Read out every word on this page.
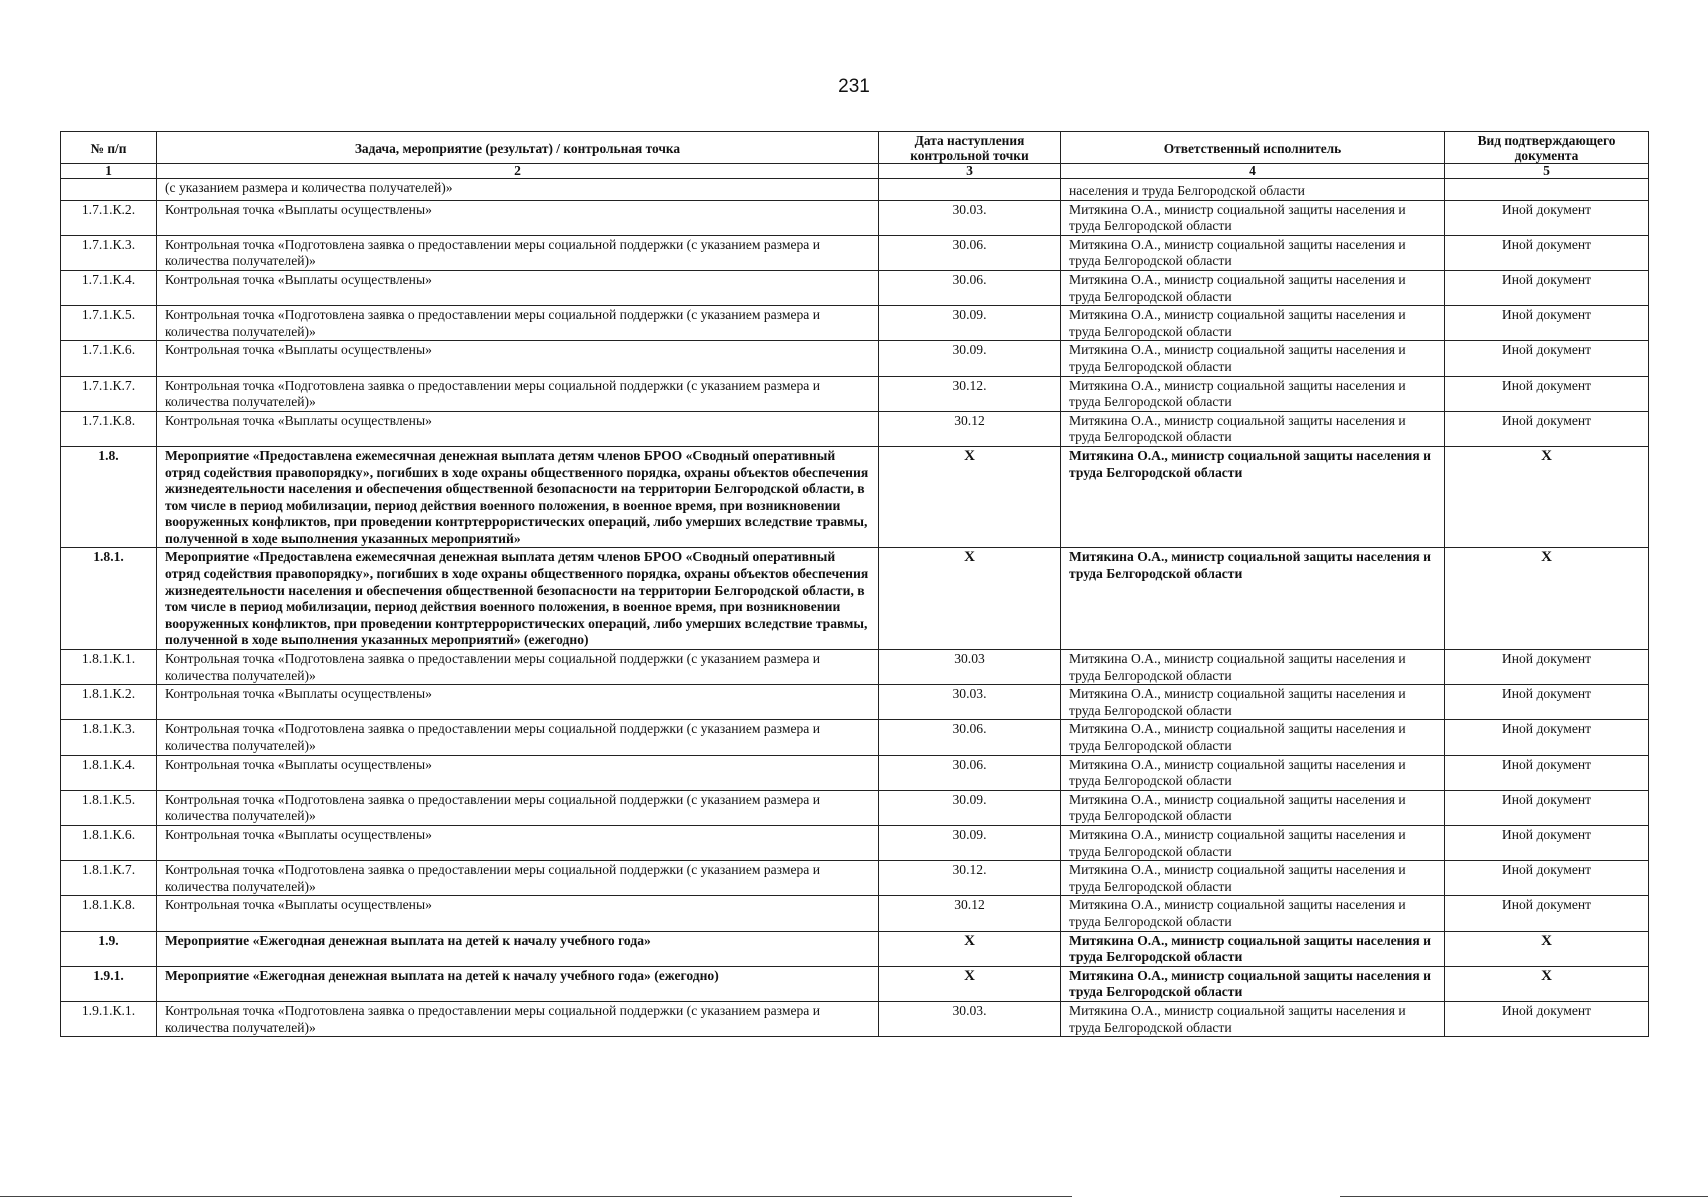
231
№ п/п	Задача, мероприятие (результат) / контрольная точка	Дата наступления контрольной точки	Ответственный исполнитель	Вид подтверждающего документа
1	2	3	4	5
	(с указанием размера и количества получателей)»		населения и труда Белгородской области	
1.7.1.К.2.	Контрольная точка «Выплаты осуществлены»	30.03.	Митякина О.А., министр социальной защиты населения и труда Белгородской области	Иной документ
1.7.1.К.3.	Контрольная точка «Подготовлена заявка о предоставлении меры социальной поддержки (с указанием размера и количества получателей)»	30.06.	Митякина О.А., министр социальной защиты населения и труда Белгородской области	Иной документ
1.7.1.К.4.	Контрольная точка «Выплаты осуществлены»	30.06.	Митякина О.А., министр социальной защиты населения и труда Белгородской области	Иной документ
1.7.1.К.5.	Контрольная точка «Подготовлена заявка о предоставлении меры социальной поддержки (с указанием размера и количества получателей)»	30.09.	Митякина О.А., министр социальной защиты населения и труда Белгородской области	Иной документ
1.7.1.К.6.	Контрольная точка «Выплаты осуществлены»	30.09.	Митякина О.А., министр социальной защиты населения и труда Белгородской области	Иной документ
1.7.1.К.7.	Контрольная точка «Подготовлена заявка о предоставлении меры социальной поддержки (с указанием размера и количества получателей)»	30.12.	Митякина О.А., министр социальной защиты населения и труда Белгородской области	Иной документ
1.7.1.К.8.	Контрольная точка «Выплаты осуществлены»	30.12	Митякина О.А., министр социальной защиты населения и труда Белгородской области	Иной документ
1.8.	Мероприятие «Предоставлена ежемесячная денежная выплата детям членов БРОО «Сводный оперативный отряд содействия правопорядку», погибших в ходе охраны общественного порядка, охраны объектов обеспечения жизнедеятельности населения и обеспечения общественной безопасности на территории Белгородской области, в том числе в период мобилизации, период действия военного положения, в военное время, при возникновении вооруженных конфликтов, при проведении контртеррористических операций, либо умерших вследствие травмы, полученной в ходе выполнения указанных мероприятий»	X	Митякина О.А., министр социальной защиты населения и труда Белгородской области	X
1.8.1.	Мероприятие «Предоставлена ежемесячная денежная выплата детям членов БРОО «Сводный оперативный отряд содействия правопорядку», погибших в ходе охраны общественного порядка, охраны объектов обеспечения жизнедеятельности населения и обеспечения общественной безопасности на территории Белгородской области, в том числе в период мобилизации, период действия военного положения, в военное время, при возникновении вооруженных конфликтов, при проведении контртеррористических операций, либо умерших вследствие травмы, полученной в ходе выполнения указанных мероприятий» (ежегодно)	X	Митякина О.А., министр социальной защиты населения и труда Белгородской области	X
1.8.1.К.1.	Контрольная точка «Подготовлена заявка о предоставлении меры социальной поддержки (с указанием размера и количества получателей)»	30.03	Митякина О.А., министр социальной защиты населения и труда Белгородской области	Иной документ
1.8.1.К.2.	Контрольная точка «Выплаты осуществлены»	30.03.	Митякина О.А., министр социальной защиты населения и труда Белгородской области	Иной документ
1.8.1.К.3.	Контрольная точка «Подготовлена заявка о предоставлении меры социальной поддержки (с указанием размера и количества получателей)»	30.06.	Митякина О.А., министр социальной защиты населения и труда Белгородской области	Иной документ
1.8.1.К.4.	Контрольная точка «Выплаты осуществлены»	30.06.	Митякина О.А., министр социальной защиты населения и труда Белгородской области	Иной документ
1.8.1.К.5.	Контрольная точка «Подготовлена заявка о предоставлении меры социальной поддержки (с указанием размера и количества получателей)»	30.09.	Митякина О.А., министр социальной защиты населения и труда Белгородской области	Иной документ
1.8.1.К.6.	Контрольная точка «Выплаты осуществлены»	30.09.	Митякина О.А., министр социальной защиты населения и труда Белгородской области	Иной документ
1.8.1.К.7.	Контрольная точка «Подготовлена заявка о предоставлении меры социальной поддержки (с указанием размера и количества получателей)»	30.12.	Митякина О.А., министр социальной защиты населения и труда Белгородской области	Иной документ
1.8.1.К.8.	Контрольная точка «Выплаты осуществлены»	30.12	Митякина О.А., министр социальной защиты населения и труда Белгородской области	Иной документ
1.9.	Мероприятие «Ежегодная денежная выплата на детей к началу учебного года»	X	Митякина О.А., министр социальной защиты населения и труда Белгородской области	X
1.9.1.	Мероприятие «Ежегодная денежная выплата на детей к началу учебного года» (ежегодно)	X	Митякина О.А., министр социальной защиты населения и труда Белгородской области	X
1.9.1.К.1.	Контрольная точка «Подготовлена заявка о предоставлении меры социальной поддержки (с указанием размера и количества получателей)»	30.03.	Митякина О.А., министр социальной защиты населения и труда Белгородской области	Иной документ
